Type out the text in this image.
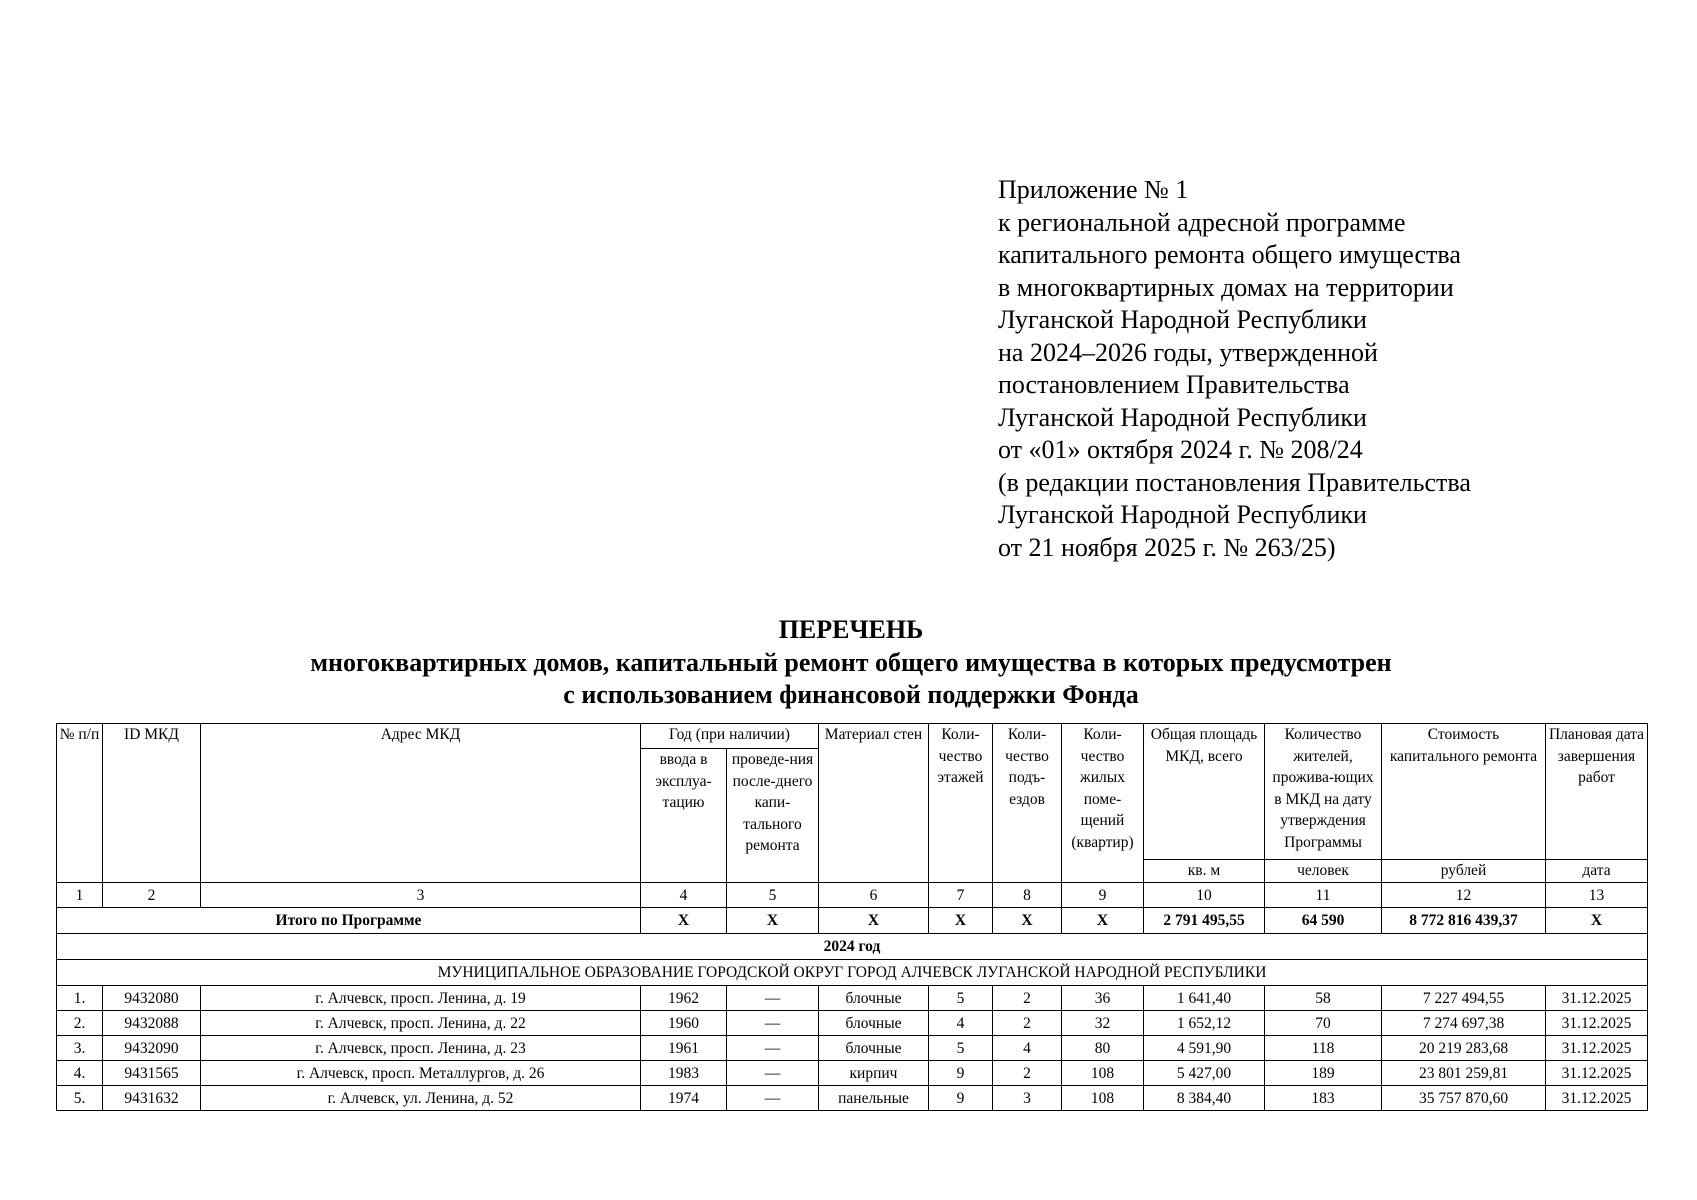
Приложение № 1
к региональной адресной программе
капитального ремонта общего имущества
в многоквартирных домах на территории
Луганской Народной Республики
на 2024–2026 годы, утвержденной
постановлением Правительства
Луганской Народной Республики
от «01» октября 2024 г. № 208/24
(в редакции постановления Правительства
Луганской Народной Республики
от 21 ноября 2025 г. № 263/25)
ПЕРЕЧЕНЬ
многоквартирных домов, капитальный ремонт общего имущества в которых предусмотрен
с использованием финансовой поддержки Фонда
№ п/п	ID МКД	Адрес МКД	Год (при наличии)		Материал стен	Коли-чество этажей	Коли-чество подъ-ездов	Коли-чество жилых поме-щений (квартир)	Общая площадь МКД, всего	Количество жителей, прожива-ющих в МКД на дату утверждения Программы	Стоимость капитального ремонта	Плановая дата завершения работ
			ввода в эксплуа-тацию	проведе-ния после-днего капи-тального ремонта								
									кв. м	человек	рублей	дата
1	2	3	4	5	6	7	8	9	10	11	12	13
Итого по Программе			X	X	X	X	X	X	2 791 495,55	64 590	8 772 816 439,37	X
2024 год												
МУНИЦИПАЛЬНОЕ ОБРАЗОВАНИЕ ГОРОДСКОЙ ОКРУГ ГОРОД АЛЧЕВСК ЛУГАНСКОЙ НАРОДНОЙ РЕСПУБЛИКИ												
1.	9432080	г. Алчевск, просп. Ленина, д. 19	1962	—	блочные	5	2	36	1 641,40	58	7 227 494,55	31.12.2025
2.	9432088	г. Алчевск, просп. Ленина, д. 22	1960	—	блочные	4	2	32	1 652,12	70	7 274 697,38	31.12.2025
3.	9432090	г. Алчевск, просп. Ленина, д. 23	1961	—	блочные	5	4	80	4 591,90	118	20 219 283,68	31.12.2025
4.	9431565	г. Алчевск, просп. Металлургов, д. 26	1983	—	кирпич	9	2	108	5 427,00	189	23 801 259,81	31.12.2025
5.	9431632	г. Алчевск, ул. Ленина, д. 52	1974	—	панельные	9	3	108	8 384,40	183	35 757 870,60	31.12.2025
